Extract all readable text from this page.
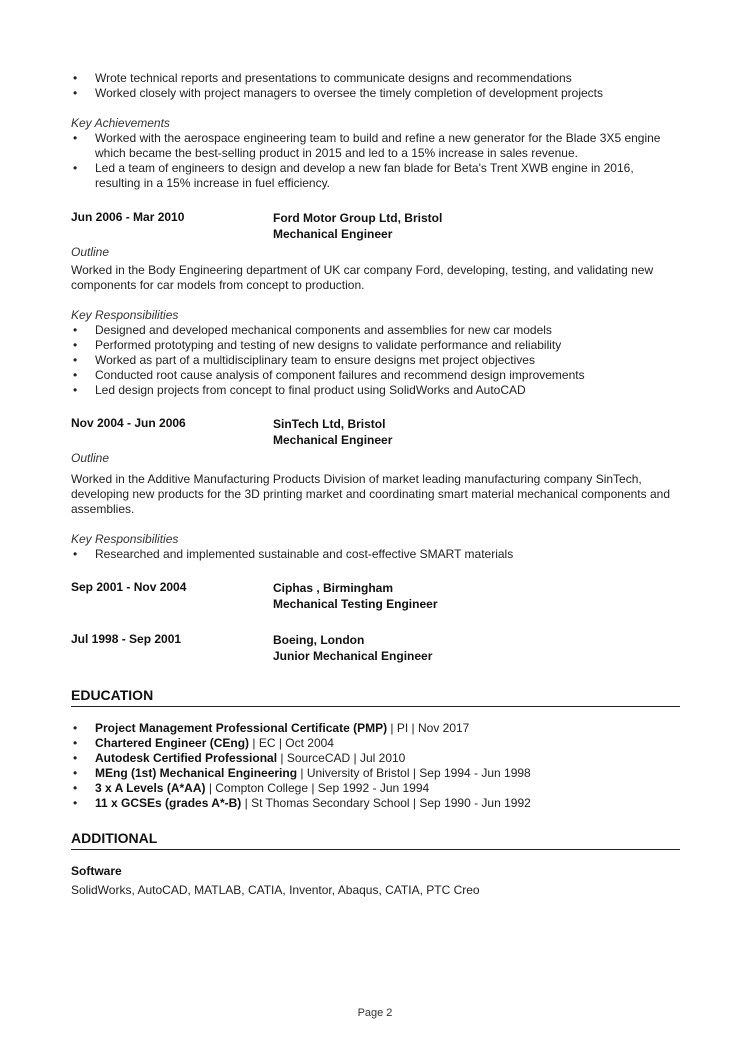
• Wrote technical reports and presentations to communicate designs and recommendations
• Worked closely with project managers to oversee the timely completion of development projects
Key Achievements
• Worked with the aerospace engineering team to build and refine a new generator for the Blade 3X5 engine which became the best-selling product in 2015 and led to a 15% increase in sales revenue.
• Led a team of engineers to design and develop a new fan blade for Beta's Trent XWB engine in 2016, resulting in a 15% increase in fuel efficiency.
Jun 2006 - Mar 2010	Ford Motor Group Ltd, Bristol
Mechanical Engineer
Outline
Worked in the Body Engineering department of UK car company Ford, developing, testing, and validating new components for car models from concept to production.
Key Responsibilities
• Designed and developed mechanical components and assemblies for new car models
• Performed prototyping and testing of new designs to validate performance and reliability
• Worked as part of a multidisciplinary team to ensure designs met project objectives
• Conducted root cause analysis of component failures and recommend design improvements
• Led design projects from concept to final product using SolidWorks and AutoCAD
Nov 2004 - Jun 2006	SinTech Ltd, Bristol
Mechanical Engineer
Outline
Worked in the Additive Manufacturing Products Division of market leading manufacturing company SinTech, developing new products for the 3D printing market and coordinating smart material mechanical components and assemblies.
Key Responsibilities
• Researched and implemented sustainable and cost-effective SMART materials
Sep 2001 - Nov 2004	Ciphas , Birmingham
Mechanical Testing Engineer
Jul 1998 - Sep 2001	Boeing, London
Junior Mechanical Engineer
EDUCATION
• Project Management Professional Certificate (PMP) | PI | Nov 2017
• Chartered Engineer (CEng) | EC | Oct 2004
• Autodesk Certified Professional | SourceCAD | Jul 2010
• MEng (1st) Mechanical Engineering | University of Bristol | Sep 1994 - Jun 1998
• 3 x A Levels (A*AA) | Compton College | Sep 1992 - Jun 1994
• 11 x GCSEs (grades A*-B) | St Thomas Secondary School | Sep 1990 - Jun 1992
ADDITIONAL
Software
SolidWorks, AutoCAD, MATLAB, CATIA, Inventor, Abaqus, CATIA, PTC Creo
Page 2
